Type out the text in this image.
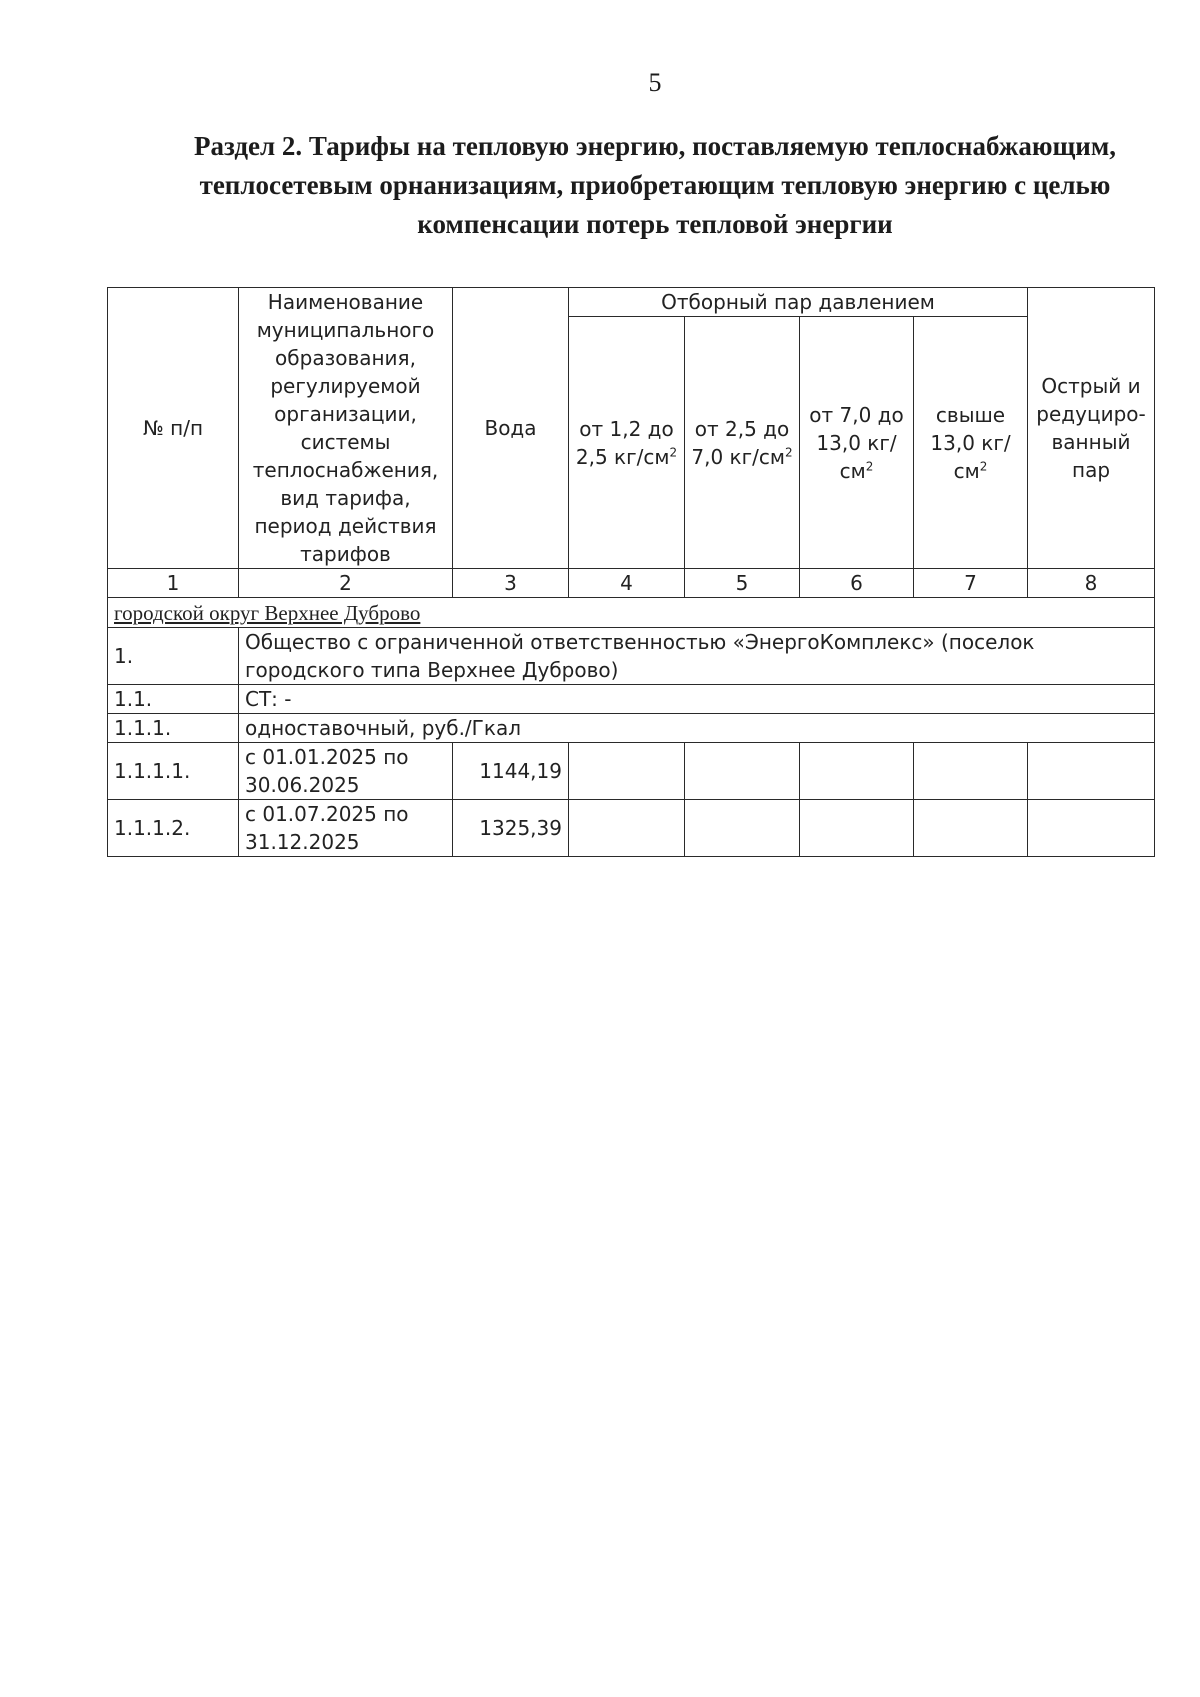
5
Раздел 2. Тарифы на тепловую энергию, поставляемую теплоснабжающим, теплосетевым орнанизациям, приобретающим тепловую энергию с целью компенсации потерь тепловой энергии
№ п/п	Наименование муниципального образования, регулируемой организации, системы теплоснабжения, вид тарифа, период действия тарифов	Вода	Отборный пар давлением				Острый и редуциро-ванный пар
			от 1,2 до 2,5 $кг/см^2$	от 2,5 до 7,0 $кг/см^2$	от 7,0 до 13,0 $кг/см^2$	свыше 13,0 $кг/см^2$
1	2	3	4	5	6	7	8
городской округ Верхнее Дуброво							
1.	Общество с ограниченной ответственностью «ЭнергоКомплекс» (поселок городского типа Верхнее Дуброво)						
1.1.	СТ: -						
1.1.1.	одноставочный, руб./Гкал						
1.1.1.1.	с 01.01.2025 по 30.06.2025	1144,19					
1.1.1.2.	с 01.07.2025 по 31.12.2025	1325,39					
